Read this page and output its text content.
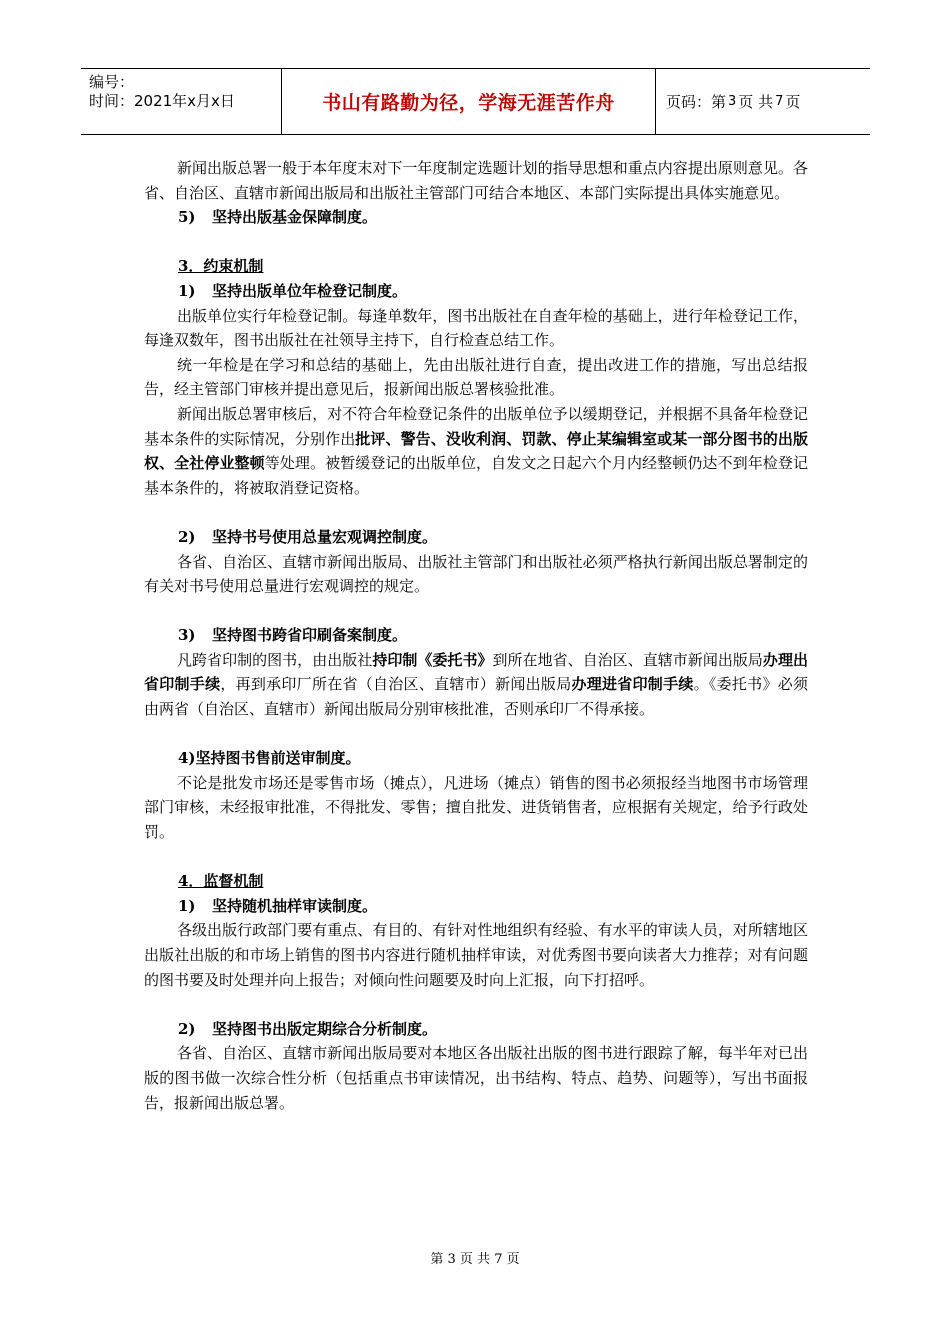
编号：
时间：2021年x月x日	书山有路勤为径，学海无涯苦作舟	页码：第 3 页 共 7 页

新闻出版总署一般于本年度末对下一年度制定选题计划的指导思想和重点内容提出原则意见。各省、自治区、直辖市新闻出版局和出版社主管部门可结合本地区、本部门实际提出具体实施意见。

5) 坚持出版基金保障制度。

3．约束机制

1) 坚持出版单位年检登记制度。

出版单位实行年检登记制。每逢单数年，图书出版社在自查年检的基础上，进行年检登记工作，每逢双数年，图书出版社在社领导主持下，自行检查总结工作。

统一年检是在学习和总结的基础上，先由出版社进行自查，提出改进工作的措施，写出总结报告，经主管部门审核并提出意见后，报新闻出版总署核验批准。

新闻出版总署审核后，对不符合年检登记条件的出版单位予以缓期登记，并根据不具备年检登记基本条件的实际情况，分别作出批评、警告、没收利润、罚款、停止某编辑室或某一部分图书的出版权、全社停业整顿等处理。被暂缓登记的出版单位，自发文之日起六个月内经整顿仍达不到年检登记基本条件的，将被取消登记资格。

2) 坚持书号使用总量宏观调控制度。

各省、自治区、直辖市新闻出版局、出版社主管部门和出版社必须严格执行新闻出版总署制定的有关对书号使用总量进行宏观调控的规定。

3) 坚持图书跨省印刷备案制度。

凡跨省印制的图书，由出版社持印制《委托书》到所在地省、自治区、直辖市新闻出版局办理出省印制手续，再到承印厂所在省（自治区、直辖市）新闻出版局办理进省印制手续。《委托书》必须由两省（自治区、直辖市）新闻出版局分别审核批准，否则承印厂不得承接。

4)坚持图书售前送审制度。

不论是批发市场还是零售市场（摊点），凡进场（摊点）销售的图书必须报经当地图书市场管理部门审核，未经报审批准，不得批发、零售；擅自批发、进货销售者，应根据有关规定，给予行政处罚。

4．监督机制

1) 坚持随机抽样审读制度。

各级出版行政部门要有重点、有目的、有针对性地组织有经验、有水平的审读人员，对所辖地区出版社出版的和市场上销售的图书内容进行随机抽样审读，对优秀图书要向读者大力推荐；对有问题的图书要及时处理并向上报告；对倾向性问题要及时向上汇报，向下打招呼。

2) 坚持图书出版定期综合分析制度。

各省、自治区、直辖市新闻出版局要对本地区各出版社出版的图书进行跟踪了解，每半年对已出版的图书做一次综合性分析（包括重点书审读情况，出书结构、特点、趋势、问题等），写出书面报告，报新闻出版总署。

第 3 页 共 7 页
